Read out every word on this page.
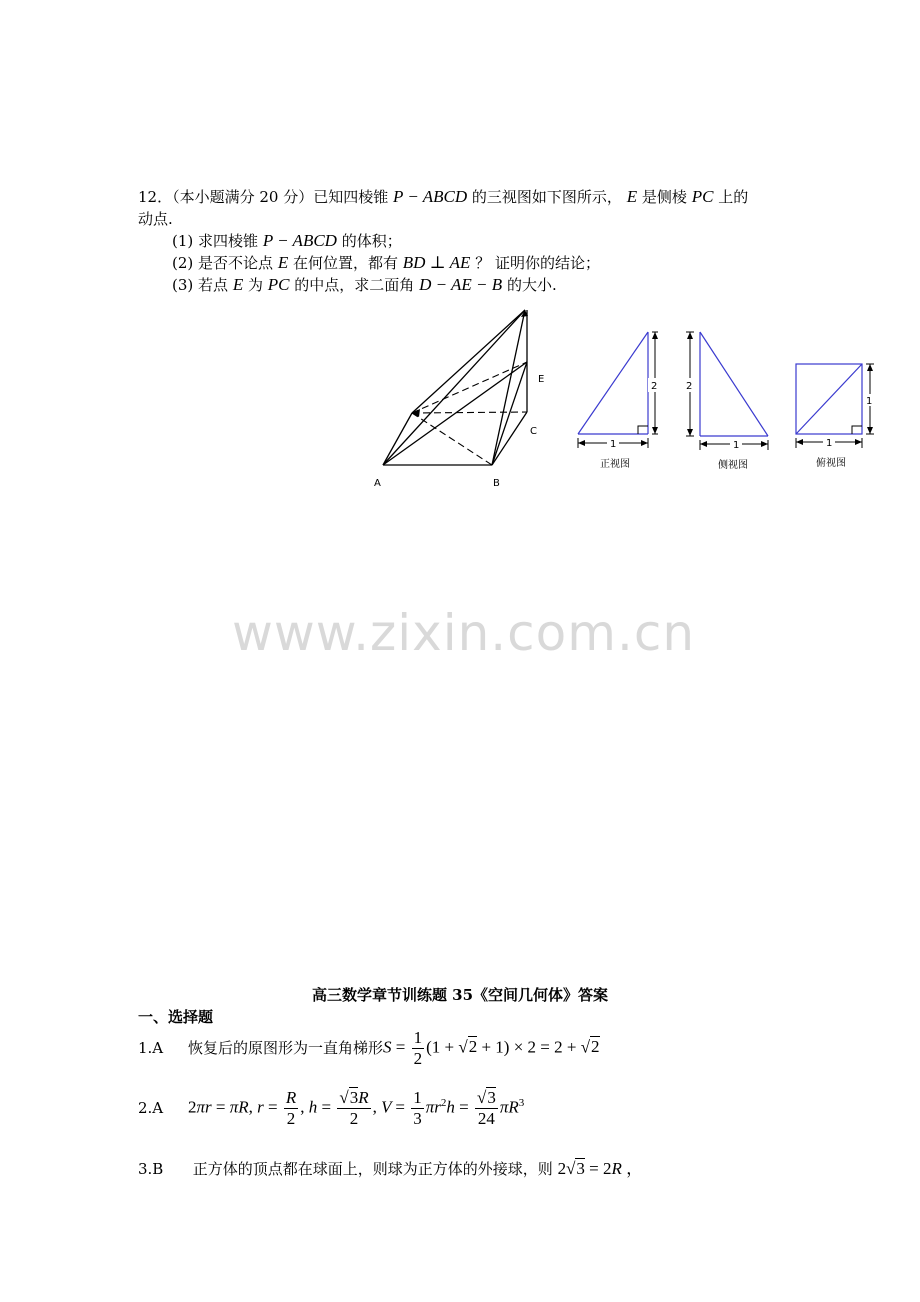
12．（本小题满分 20 分）已知四棱锥 P − ABCD 的三视图如下图所示， E 是侧棱 PC 上的
动点.
(1) 求四棱锥 P − ABCD 的体积；
(2) 是否不论点 E 在何位置，都有 BD ⊥ AE ？ 证明你的结论；
(3) 若点 E 为 PC 的中点，求二面角 D − AE − B 的大小.
E
C
A	B
2
1
正视图
2
1
侧视图
1
1
俯视图
www.zixin.com.cn
高三数学章节训练题 35《空间几何体》答案
一、选择题
1.A	恢复后的原图形为一直角梯形 $S = \frac{1}{2} (1 + √2 + 1) \times 2 = 2 + √2$
2.A	2πr = πR, $r = \frac{R}{2}$ , $h = \frac{√3R}{2}$ , $V = \frac{1}{3} \pi r^2h = \frac{√3}{24} \pi R^3$
3.B 正方体的顶点都在球面上，则球为正方体的外接球，则 2√3 = 2R ，
